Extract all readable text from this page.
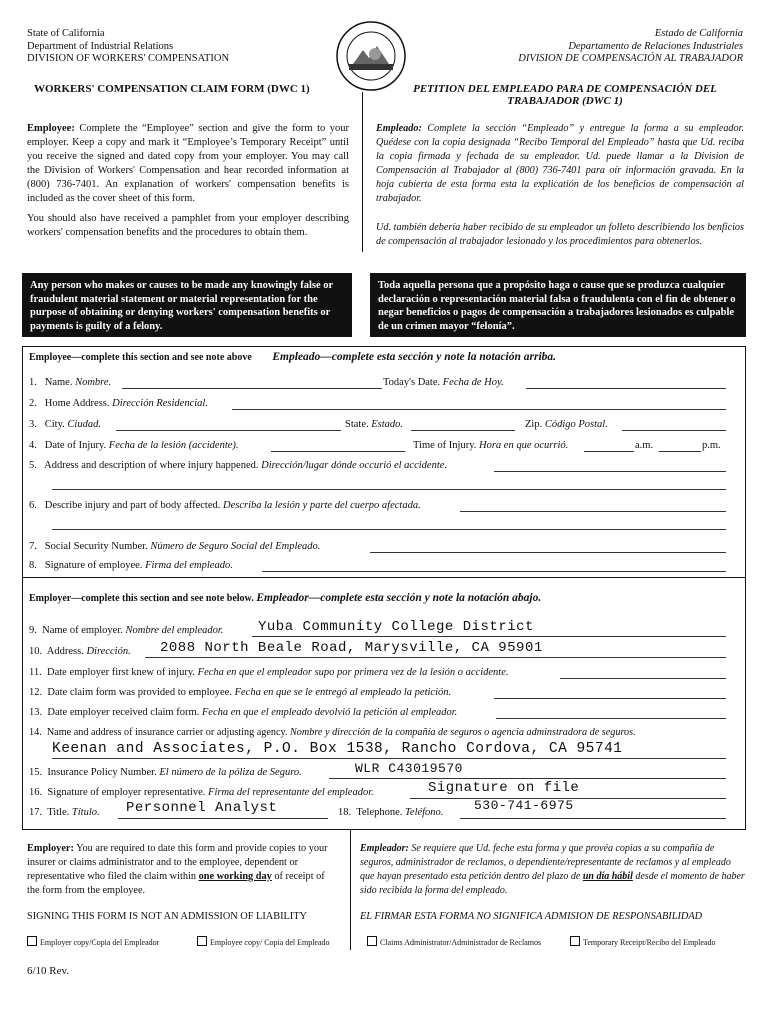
State of California
Department of Industrial Relations
DIVISION OF WORKERS' COMPENSATION
Estado de California
Departamento de Relaciones Industriales
DIVISION DE COMPENSACIÓN AL TRABAJADOR
WORKERS' COMPENSATION CLAIM FORM (DWC 1)	PETITION DEL EMPLEADO PARA DE COMPENSACIÓN DEL
TRABAJADOR (DWC 1)
Employee: Complete the “Employee” section and give the form to your employer. Keep a copy and mark it “Employee’s Temporary Receipt” until you receive the signed and dated copy from your employer. You may call the Division of Workers' Compensation and hear recorded information at (800) 736-7401. An explanation of workers' compensation benefits is included as the cover sheet of this form.
You should also have received a pamphlet from your employer describing workers' compensation benefits and the procedures to obtain them.
Empleado: Complete la sección “Empleado” y entregue la forma a su empleador. Quédese con la copia designada “Recibo Temporal del Empleado” hasta que Ud. reciba la copia firmada y fechada de su empleador. Ud. puede llamar a la Division de Compensación al Trabajador al (800) 736-7401 para oír información gravada. En la hoja cubierta de esta forma esta la explicatión de los beneficios de compensación al trabajador.
Ud. también debería haber recibido de su empleador un folleto describiendo los benficios de compensación al trabajador lesionado y los procedimientos para obtenerlos.
Any person who makes or causes to be made any knowingly false or fraudulent material statement or material representation for the purpose of obtaining or denying workers' compensation benefits or payments is guilty of a felony.
Toda aquella persona que a propósito haga o cause que se produzca cualquier declaración o representación material falsa o fraudulenta con el fin de obtener o negar beneficios o pagos de compensación a trabajadores lesionados es culpable de un crimen mayor “felonía”.
Employee—complete this section and see note above Empleado—complete esta sección y note la notación arriba.
1. Name. Nombre.	Today's Date. Fecha de Hoy.
2. Home Address. Dirección Residencial.
3. City. Ciudad.	State. Estado.	Zip. Código Postal.
4. Date of Injury. Fecha de la lesión (accidente).	Time of Injury. Hora en que ocurrió.	a.m.	p.m.
5. Address and description of where injury happened. Dirección/lugar dónde occurió el accidente.
6. Describe injury and part of body affected. Describa la lesión y parte del cuerpo afectada.
7. Social Security Number. Número de Seguro Social del Empleado.
8. Signature of employee. Firma del empleado.
Employer—complete this section and see note below. Empleador—complete esta sección y note la notación abajo.
9. Name of employer. Nombre del empleador. Yuba Community College District
10. Address. Dirección. 2088 North Beale Road, Marysville, CA 95901
11. Date employer first knew of injury. Fecha en que el empleador supo por primera vez de la lesión o accidente.
12. Date claim form was provided to employee. Fecha en que se le entregó al empleado la petición.
13. Date employer received claim form. Fecha en que el empleado devolvió la petición al empleador.
14. Name and address of insurance carrier or adjusting agency. Nombre y dirección de la compañía de seguros o agencia adminstradora de seguros.
Keenan and Associates, P.O. Box 1538, Rancho Cordova, CA 95741
15. Insurance Policy Number. El número de la póliza de Seguro.	WLR C43019570
16. Signature of employer representative. Firma del representante del empleador.	Signature on file
17. Title. Título. Personnel Analyst	18. Telephone. Teléfono. 530-741-6975
Employer: You are required to date this form and provide copies to your insurer or claims administrator and to the employee, dependent or representative who filed the claim within one working day of receipt of the form from the employee.
Empleador: Se requiere que Ud. feche esta forma y que provéa copias a su compañía de seguros, administrador de reclamos, o dependiente/representante de reclamos y al empleado que hayan presentado esta petición dentro del plazo de un día hábil desde el momento de haber sido recibida la forma del empleado.
SIGNING THIS FORM IS NOT AN ADMISSION OF LIABILITY	EL FIRMAR ESTA FORMA NO SIGNIFICA ADMISION DE RESPONSABILIDAD
Employer copy/Copia del Empleador	Employee copy/ Copia del Empleado	Claims Administrator/Administrador de Reclamos	Temporary Receipt/Recibo del Empleado
6/10 Rev.
